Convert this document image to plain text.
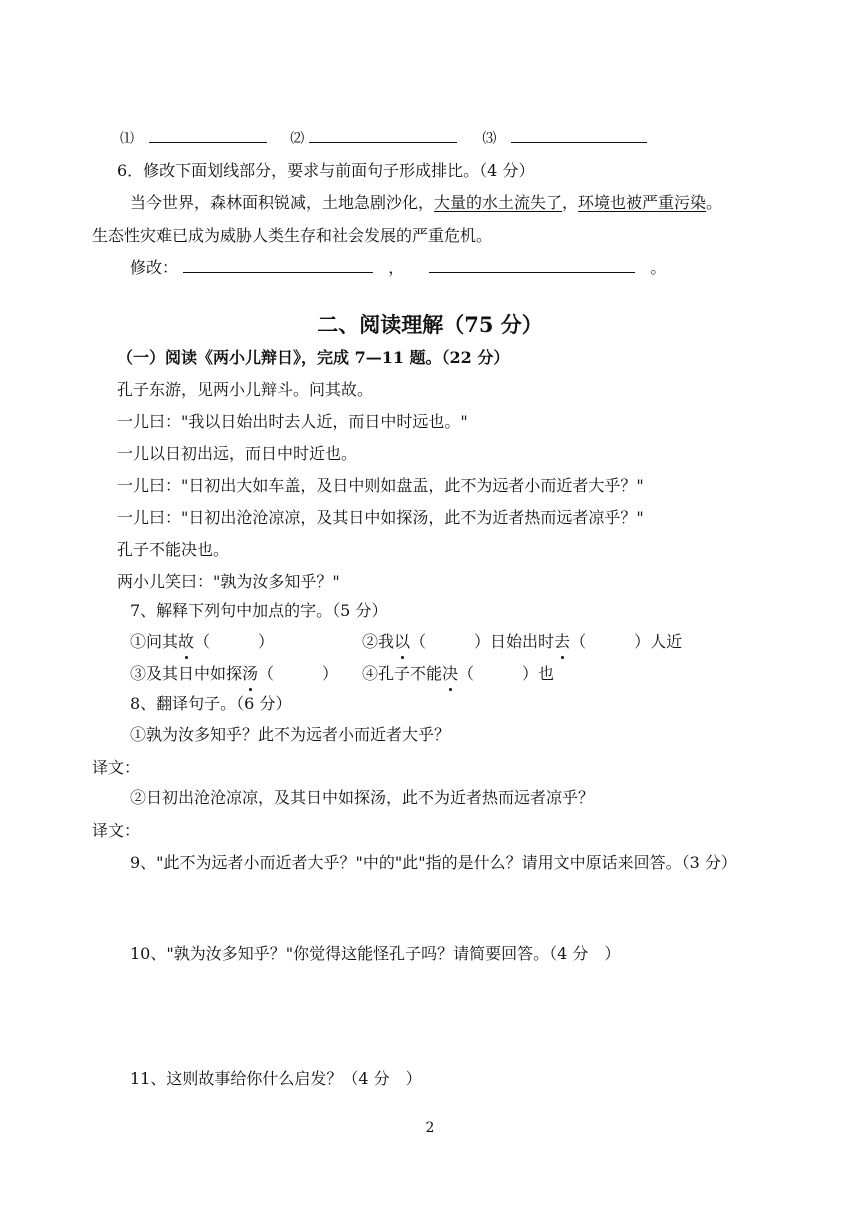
⑴	⑵	⑶
6．修改下面划线部分，要求与前面句子形成排比。（4 分）
当今世界，森林面积锐减，土地急剧沙化，大量的水土流失了，环境也被严重污染。
生态性灾难已成为威胁人类生存和社会发展的严重危机。
修改：	，	。
二、阅读理解（75 分）
（一）阅读《两小儿辩日》，完成 7—11 题。（22 分）
孔子东游，见两小儿辩斗。问其故。
一儿曰："我以日始出时去人近，而日中时远也。"
一儿以日初出远，而日中时近也。
一儿曰："日初出大如车盖，及日中则如盘盂，此不为远者小而近者大乎？"
一儿曰："日初出沧沧凉凉，及其日中如探汤，此不为近者热而远者凉乎？"
孔子不能决也。
两小儿笑曰："孰为汝多知乎？"
7、解释下列句中加点的字。（5 分）
①问其故（　　　）	②我以（　　　）日始出时去（　　　）人近
③及其日中如探汤（　　　） ④孔子不能决（　　　）也
8、翻译句子。（6 分）
①孰为汝多知乎？此不为远者小而近者大乎？
译文：
②日初出沧沧凉凉，及其日中如探汤，此不为近者热而远者凉乎？
译文：
9、"此不为远者小而近者大乎？"中的"此"指的是什么？请用文中原话来回答。（3 分）
10、"孰为汝多知乎？"你觉得这能怪孔子吗？请简要回答。（4 分　）
11、这则故事给你什么启发？（4 分　）
2
